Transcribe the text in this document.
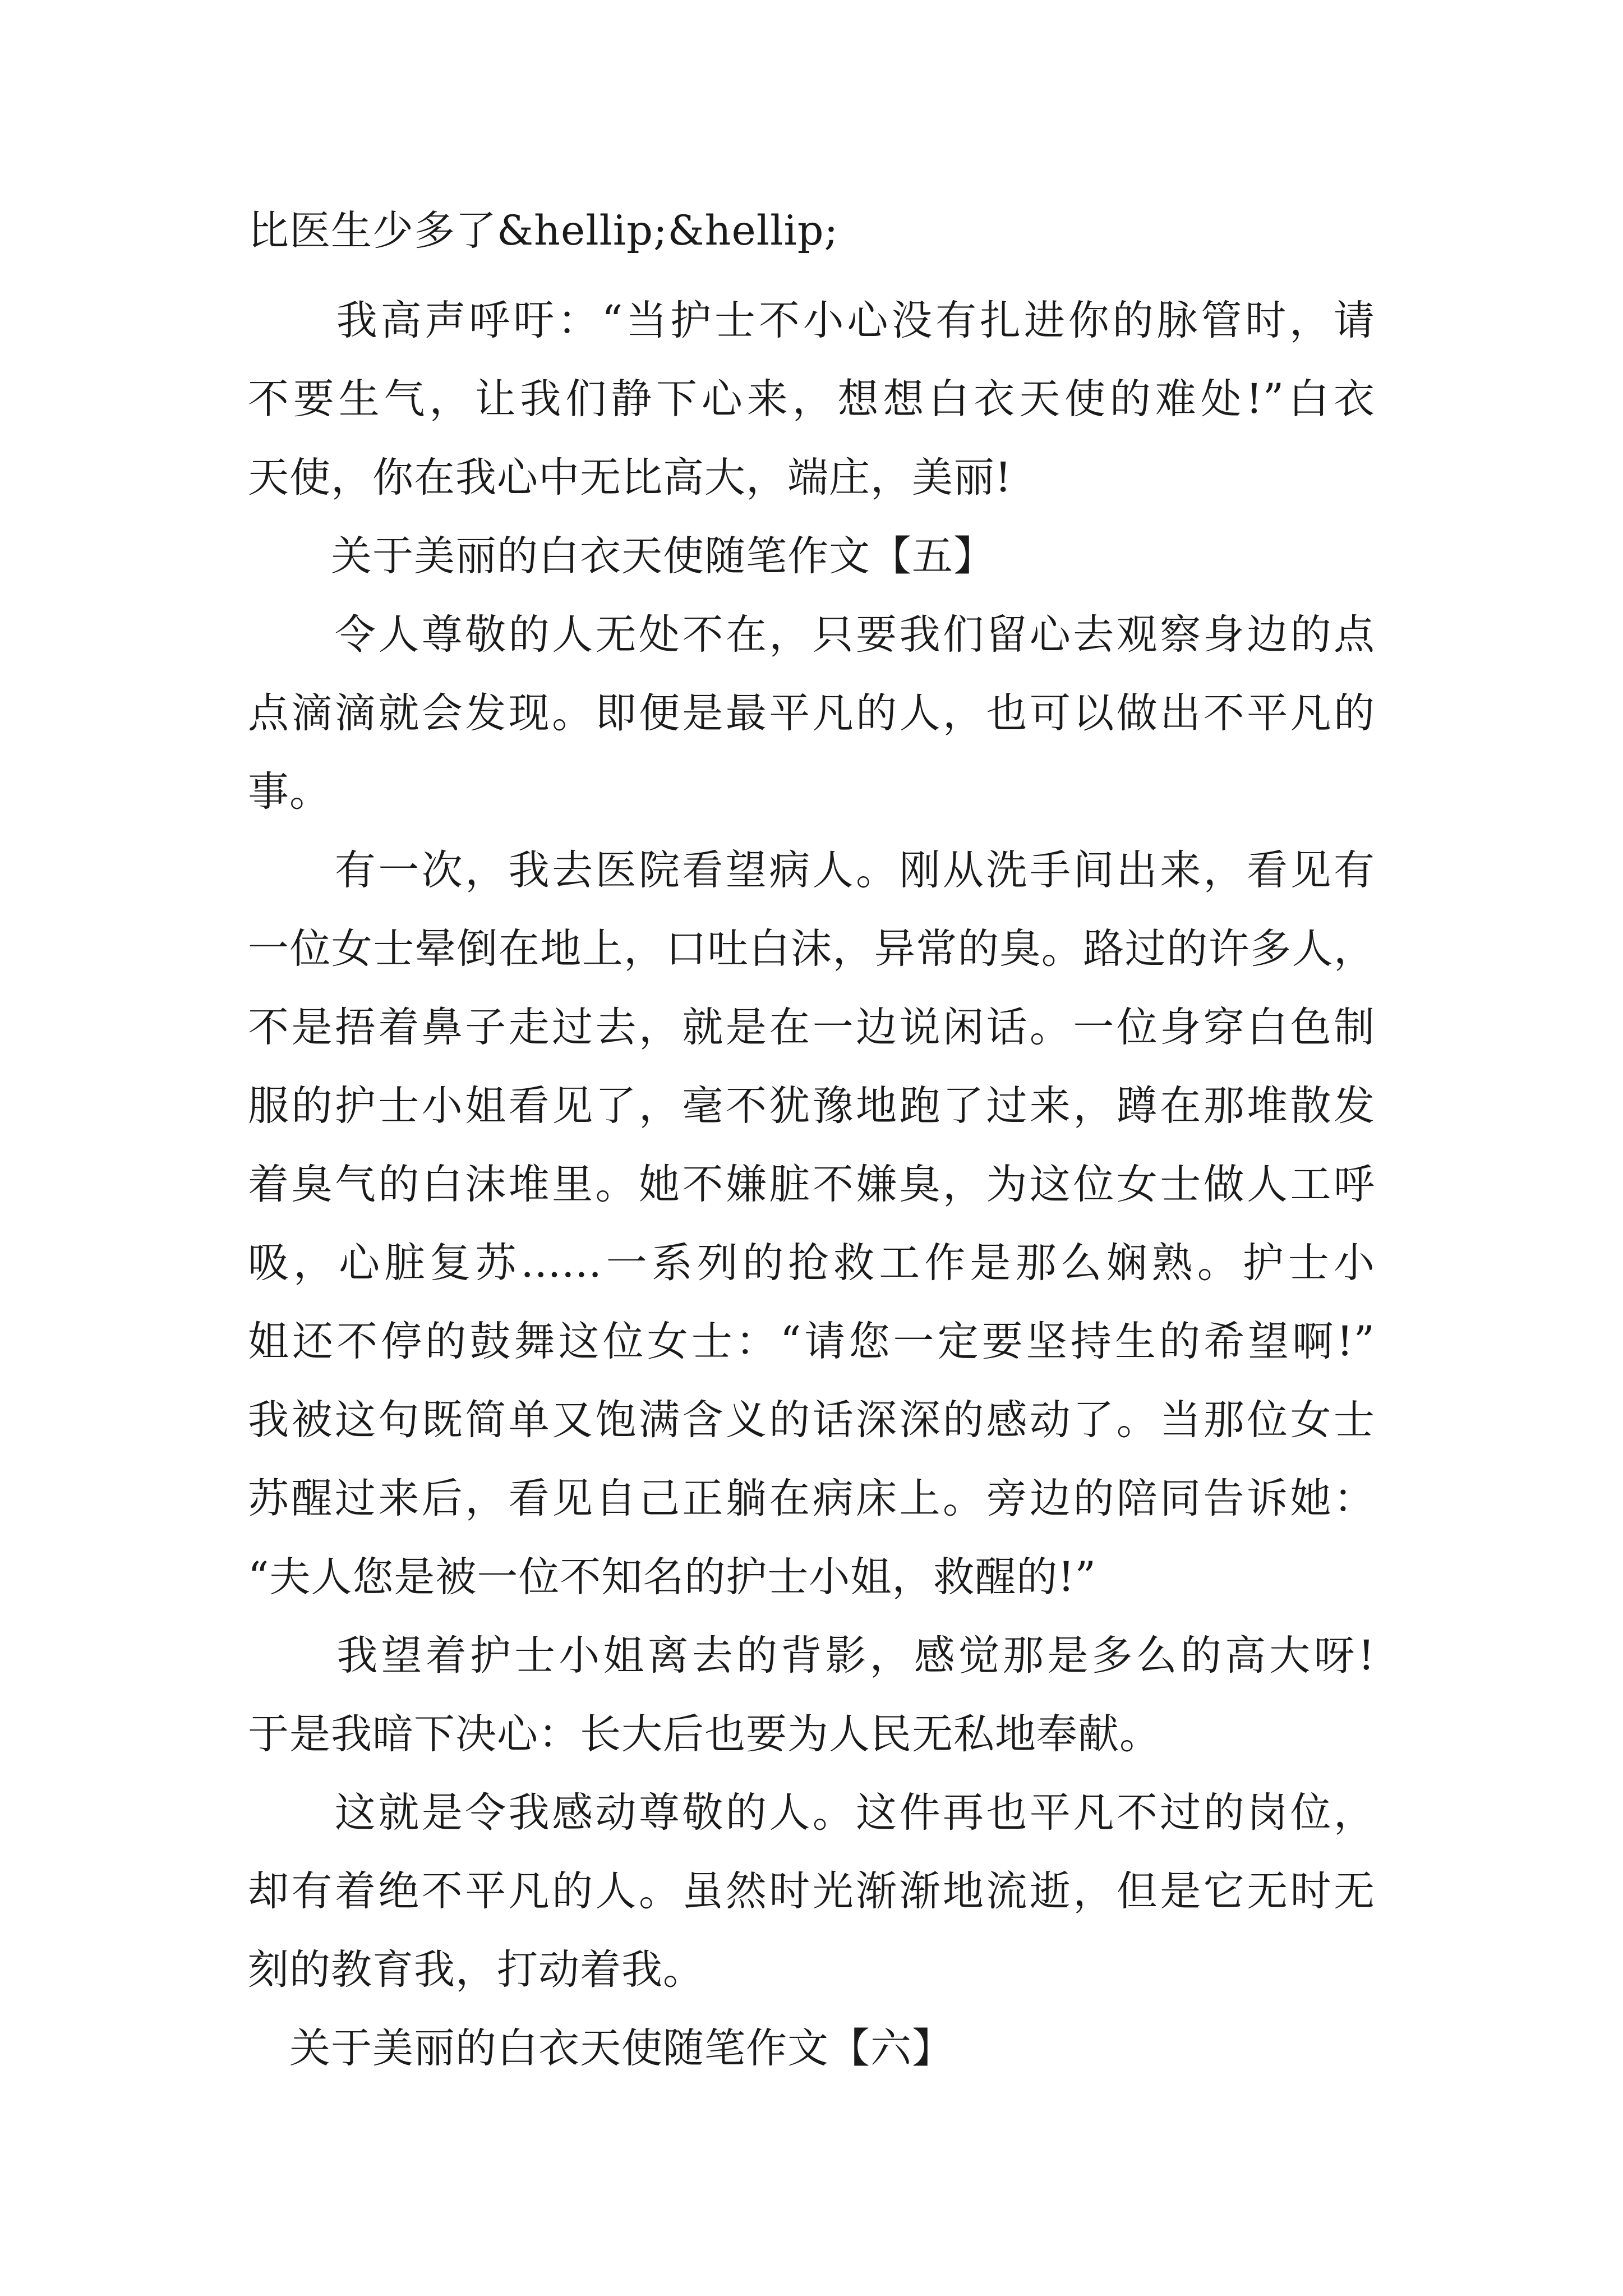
比医生少多了&hellip;&hellip;

　　我高声呼吁：“当护士不小心没有扎进你的脉管时，请

不要生气，让我们静下心来，想想白衣天使的难处!”白衣

天使，你在我心中无比高大，端庄，美丽!

　　关于美丽的白衣天使随笔作文【五】

　　令人尊敬的人无处不在，只要我们留心去观察身边的点

点滴滴就会发现。即便是最平凡的人，也可以做出不平凡的

事。

　　有一次，我去医院看望病人。刚从洗手间出来，看见有

一位女士晕倒在地上，口吐白沫，异常的臭。路过的许多人，

不是捂着鼻子走过去，就是在一边说闲话。一位身穿白色制

服的护士小姐看见了，毫不犹豫地跑了过来，蹲在那堆散发

着臭气的白沫堆里。她不嫌脏不嫌臭，为这位女士做人工呼

吸，心脏复苏......一系列的抢救工作是那么娴熟。护士小

姐还不停的鼓舞这位女士：“请您一定要坚持生的希望啊!”

我被这句既简单又饱满含义的话深深的感动了。当那位女士

苏醒过来后，看见自己正躺在病床上。旁边的陪同告诉她：

“夫人您是被一位不知名的护士小姐，救醒的!”

　　我望着护士小姐离去的背影，感觉那是多么的高大呀!

于是我暗下决心：长大后也要为人民无私地奉献。

　　这就是令我感动尊敬的人。这件再也平凡不过的岗位，

却有着绝不平凡的人。虽然时光渐渐地流逝，但是它无时无

刻的教育我，打动着我。

　关于美丽的白衣天使随笔作文【六】
